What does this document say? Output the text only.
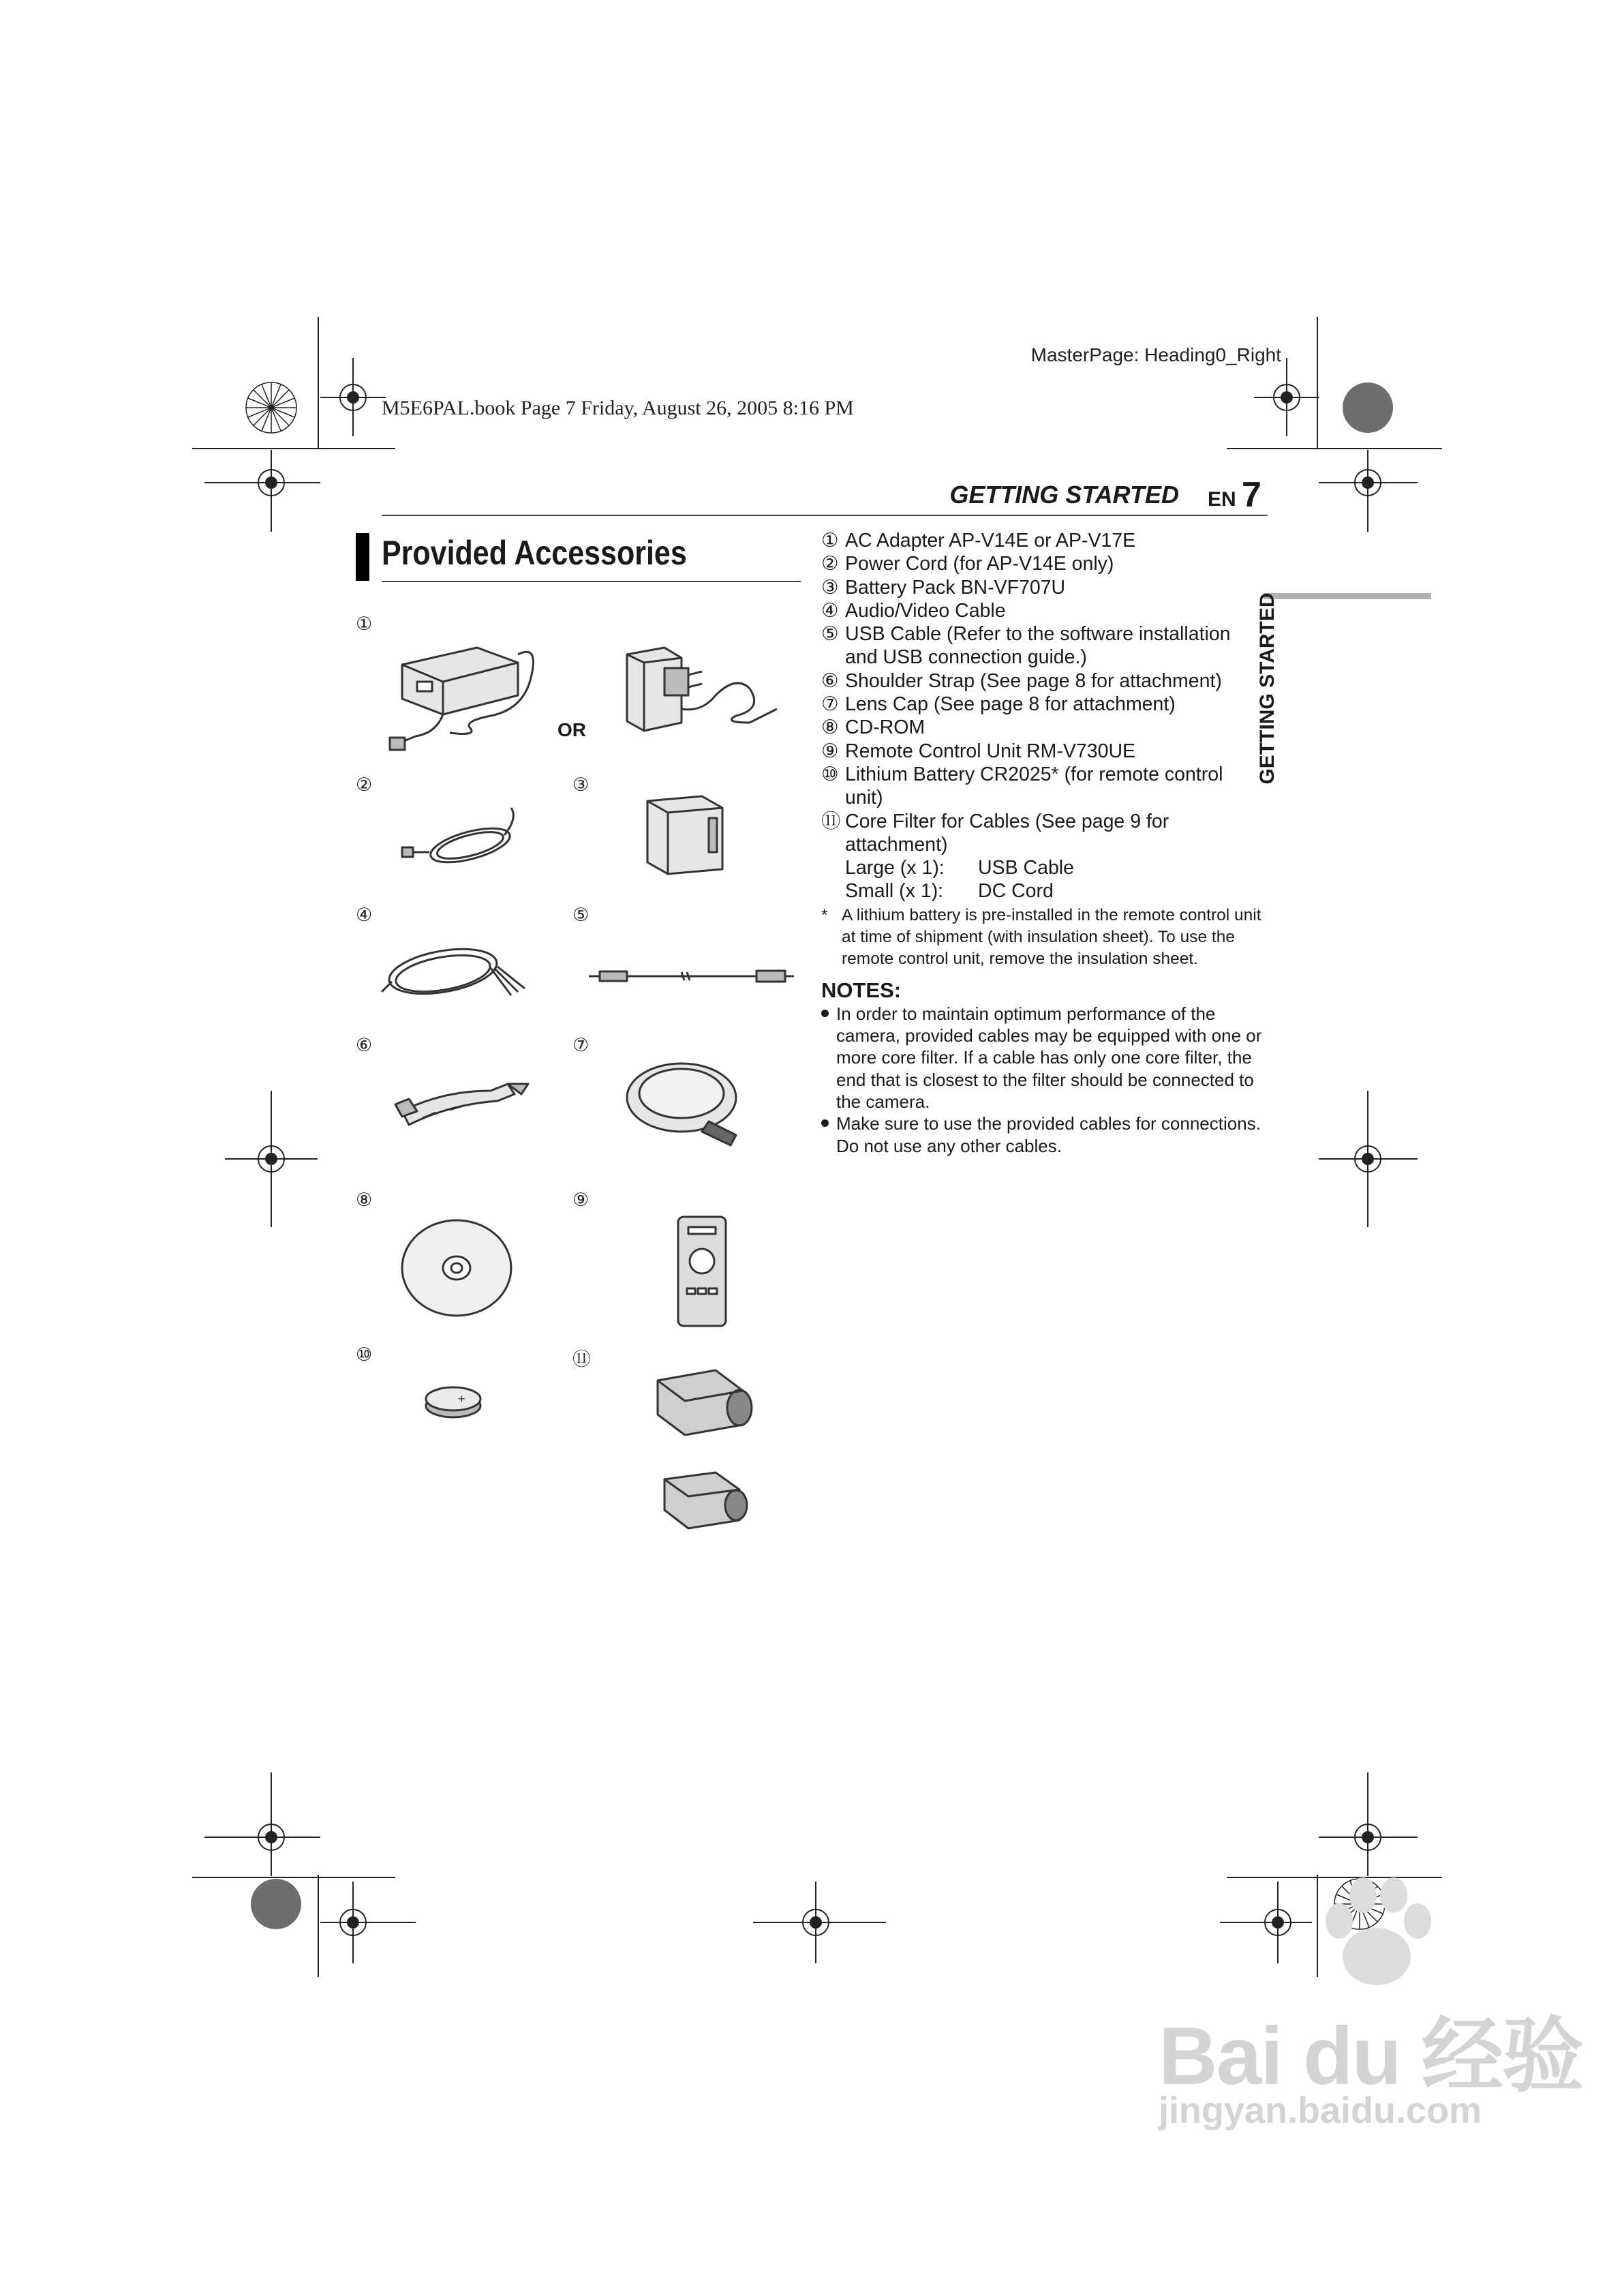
MasterPage: Heading0_Right
M5E6PAL.book Page 7 Friday, August 26, 2005 8:16 PM
GETTING STARTED EN 7
GETTING STARTED
Provided Accessories
①
②	③
④	⑤
⑥	⑦
⑧	⑨
⑩	⑪
OR
+
① AC Adapter AP-V14E or AP-V17E
② Power Cord (for AP-V14E only)
③ Battery Pack BN-VF707U
④ Audio/Video Cable
⑤ USB Cable (Refer to the software installation and USB connection guide.)
⑥ Shoulder Strap (See page 8 for attachment)
⑦ Lens Cap (See page 8 for attachment)
⑧ CD-ROM
⑨ Remote Control Unit RM-V730UE
⑩ Lithium Battery CR2025* (for remote control unit)
⑪ Core Filter for Cables (See page 9 for attachment)
Large (x 1):	USB Cable
Small (x 1):	DC Cord
* A lithium battery is pre-installed in the remote control unit at time of shipment (with insulation sheet). To use the remote control unit, remove the insulation sheet.
NOTES:
In order to maintain optimum performance of the camera, provided cables may be equipped with one or more core filter. If a cable has only one core filter, the end that is closest to the filter should be connected to the camera.
Make sure to use the provided cables for connections. Do not use any other cables.
Bai du 经验
jingyan.baidu.com
